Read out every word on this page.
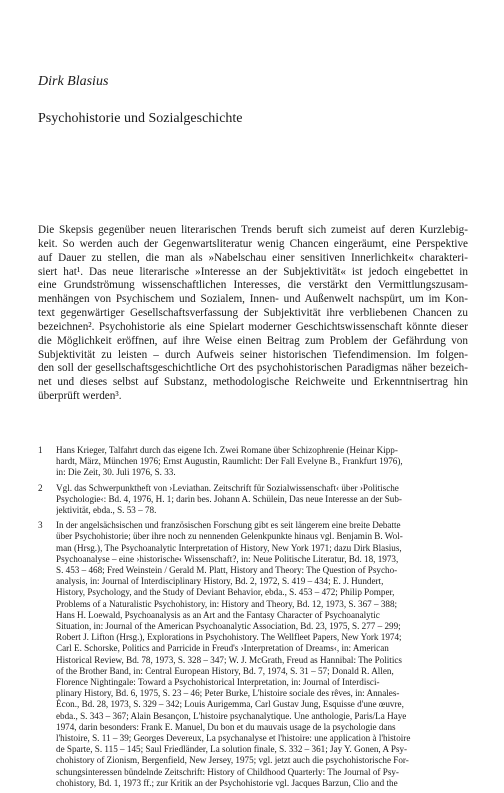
Dirk Blasius
Psychohistorie und Sozialgeschichte
Die Skepsis gegenüber neuen literarischen Trends beruft sich zumeist auf deren Kurzlebig-
keit. So werden auch der Gegenwartsliteratur wenig Chancen eingeräumt, eine Perspektive
auf Dauer zu stellen, die man als »Nabelschau einer sensitiven Innerlichkeit« charakteri-
siert hat¹. Das neue literarische »Interesse an der Subjektivität« ist jedoch eingebettet in
eine Grundströmung wissenschaftlichen Interesses, die verstärkt den Vermittlungszusam-
menhängen von Psychischem und Sozialem, Innen- und Außenwelt nachspürt, um im Kon-
text gegenwärtiger Gesellschaftsverfassung der Subjektivität ihre verbliebenen Chancen zu
bezeichnen². Psychohistorie als eine Spielart moderner Geschichtswissenschaft könnte dieser
die Möglichkeit eröffnen, auf ihre Weise einen Beitrag zum Problem der Gefährdung von
Subjektivität zu leisten – durch Aufweis seiner historischen Tiefendimension. Im folgen-
den soll der gesellschaftsgeschichtliche Ort des psychohistorischen Paradigmas näher bezeich-
net und dieses selbst auf Substanz, methodologische Reichweite und Erkenntnisertrag hin
überprüft werden³.
1	Hans Krieger, Talfahrt durch das eigene Ich. Zwei Romane über Schizophrenie (Heinar Kipp-
hardt, März, München 1976; Ernst Augustin, Raumlicht: Der Fall Evelyne B., Frankfurt 1976),
in: Die Zeit, 30. Juli 1976, S. 33.
2	Vgl. das Schwerpunktheft von ›Leviathan. Zeitschrift für Sozialwissenschaft‹ über ›Politische
Psychologie‹: Bd. 4, 1976, H. 1; darin bes. Johann A. Schülein, Das neue Interesse an der Sub-
jektivität, ebda., S. 53 – 78.
3	In der angelsächsischen und französischen Forschung gibt es seit längerem eine breite Debatte
über Psychohistorie; über ihre noch zu nennenden Gelenkpunkte hinaus vgl. Benjamin B. Wol-
man (Hrsg.), The Psychoanalytic Interpretation of History, New York 1971; dazu Dirk Blasius,
Psychoanalyse – eine ›historische‹ Wissenschaft?, in: Neue Politische Literatur, Bd. 18, 1973,
S. 453 – 468; Fred Weinstein / Gerald M. Platt, History and Theory: The Question of Psycho-
analysis, in: Journal of Interdisciplinary History, Bd. 2, 1972, S. 419 – 434; E. J. Hundert,
History, Psychology, and the Study of Deviant Behavior, ebda., S. 453 – 472; Philip Pomper,
Problems of a Naturalistic Psychohistory, in: History and Theory, Bd. 12, 1973, S. 367 – 388;
Hans H. Loewald, Psychoanalysis as an Art and the Fantasy Character of Psychoanalytic
Situation, in: Journal of the American Psychoanalytic Association, Bd. 23, 1975, S. 277 – 299;
Robert J. Lifton (Hrsg.), Explorations in Psychohistory. The Wellfleet Papers, New York 1974;
Carl E. Schorske, Politics and Parricide in Freud's ›Interpretation of Dreams‹, in: American
Historical Review, Bd. 78, 1973, S. 328 – 347; W. J. McGrath, Freud as Hannibal: The Politics
of the Brother Band, in: Central European History, Bd. 7, 1974, S. 31 – 57; Donald R. Allen,
Florence Nightingale: Toward a Psychohistorical Interpretation, in: Journal of Interdisci-
plinary History, Bd. 6, 1975, S. 23 – 46; Peter Burke, L'histoire sociale des rêves, in: Annales-
Écon., Bd. 28, 1973, S. 329 – 342; Louis Aurigemma, Carl Gustav Jung, Esquisse d'une œuvre,
ebda., S. 343 – 367; Alain Besançon, L'histoire psychanalytique. Une anthologie, Paris/La Haye
1974, darin besonders: Frank E. Manuel, Du bon et du mauvais usage de la psychologie dans
l'histoire, S. 11 – 39; Georges Devereux, La psychanalyse et l'histoire: une application à l'histoire
de Sparte, S. 115 – 145; Saul Friedländer, La solution finale, S. 332 – 361; Jay Y. Gonen, A Psy-
chohistory of Zionism, Bergenfield, New Jersey, 1975; vgl. jetzt auch die psychohistorische For-
schungsinteressen bündelnde Zeitschrift: History of Childhood Quarterly: The Journal of Psy-
chohistory, Bd. 1, 1973 ff.; zur Kritik an der Psychohistorie vgl. Jacques Barzun, Clio and the
